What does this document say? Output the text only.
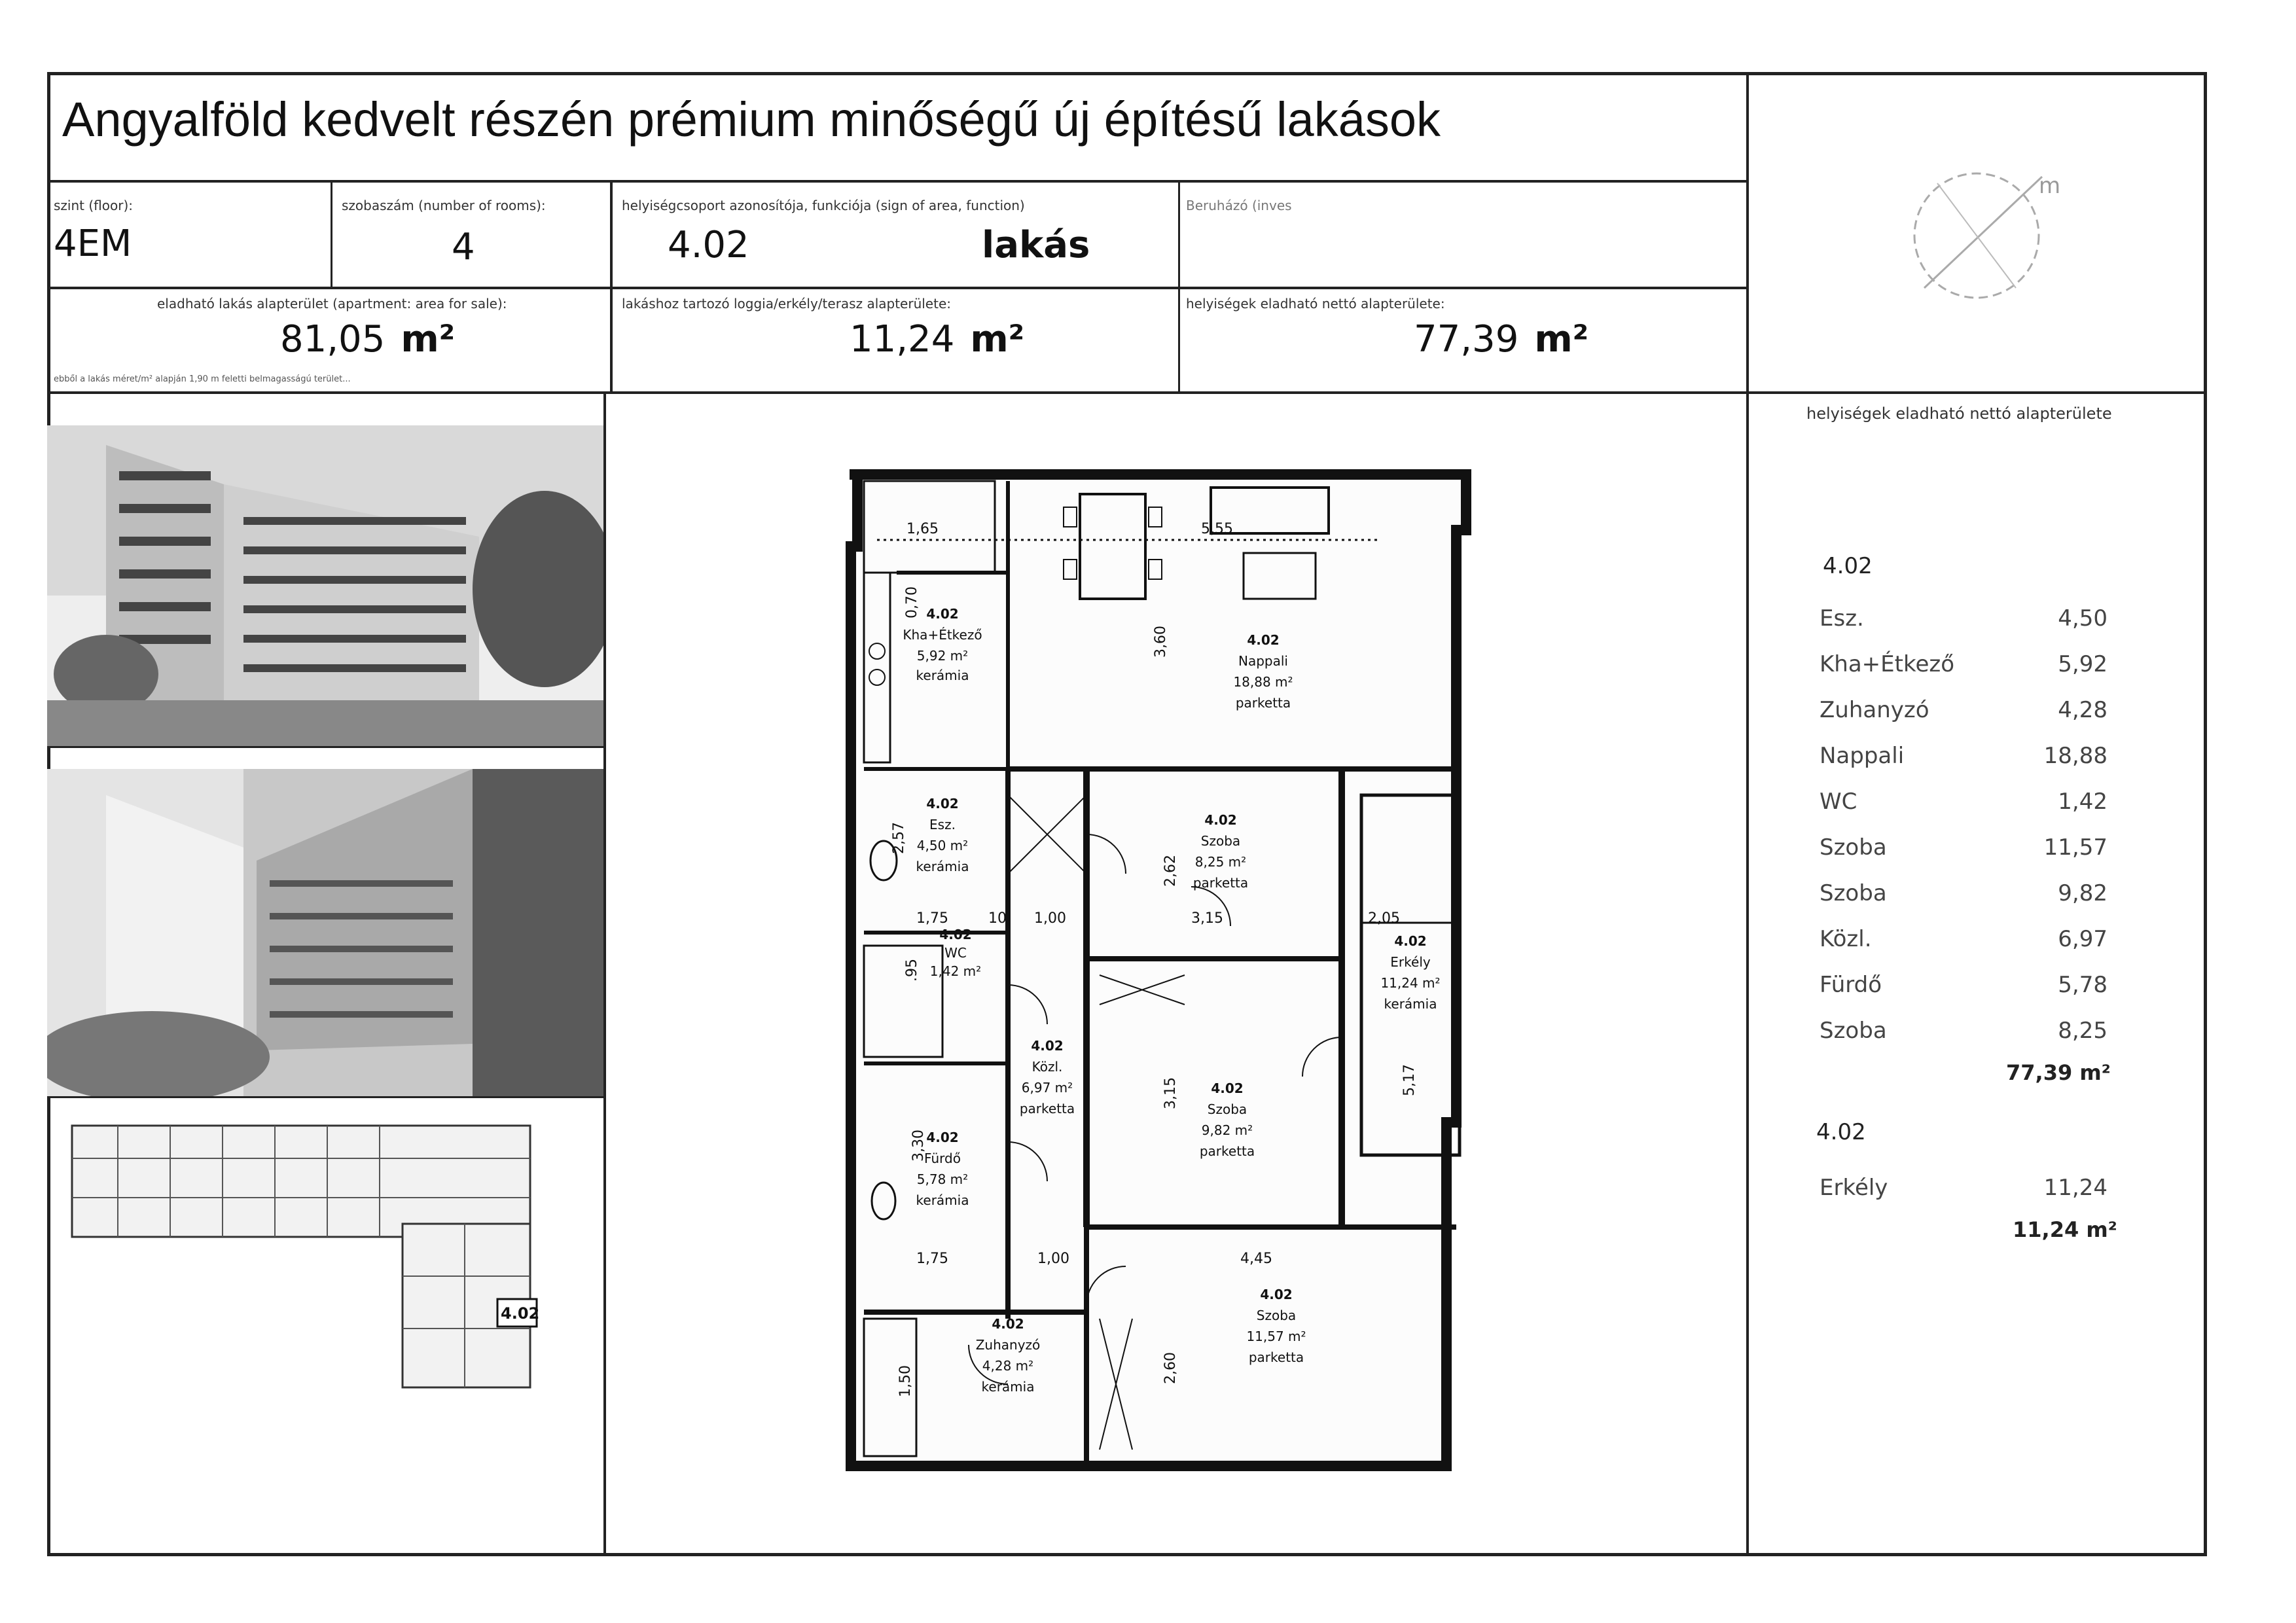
Angyalföld kedvelt részén prémium minőségű új építésű lakások
szint (floor):
4EM
szobaszám (number of rooms):
4
helyiségcsoport azonosítója, funkciója (sign of area, function)
4.02	lakás
Beruházó (inves
eladható lakás alapterület (apartment: area for sale):
81,05 m²
ebből a lakás méret/m² alapján 1,90 m feletti belmagasságú terület...
lakáshoz tartozó loggia/erkély/terasz alapterülete:
11,24 m²
helyiségek eladható nettó alapterülete:
77,39 m²
m
4.02
4.02
Kha+Étkező
5,92 m²
kerámia
4.02
Nappali
18,88 m²
parketta
4.02
Esz.
4,50 m²
kerámia
4.02
Szoba
8,25 m²
parketta
4.02
WC
1,42 m²
4.02
Erkély
11,24 m²
kerámia
4.02
Közl.
6,97 m²
parketta
4.02
Szoba
9,82 m²
parketta
4.02
Fürdő
5,78 m²
kerámia
4.02
Szoba
11,57 m²
parketta
4.02
Zuhanyzó
4,28 m²
kerámia
1,65	5,55
3,60
0,70
2,57
2,62
1,75	1,00
10	3,15	2,05
5,17
3,15
3,30
1,75	1,00	4,45
2,60
1,50
.95
helyiségek eladható nettó alapterülete
4.02
Esz.	4,50
Kha+Étkező	5,92
Zuhanyzó	4,28
Nappali	18,88
WC	1,42
Szoba	11,57
Szoba	9,82
Közl.	6,97
Fürdő	5,78
Szoba	8,25
77,39 m²
4.02
Erkély	11,24
11,24 m²
